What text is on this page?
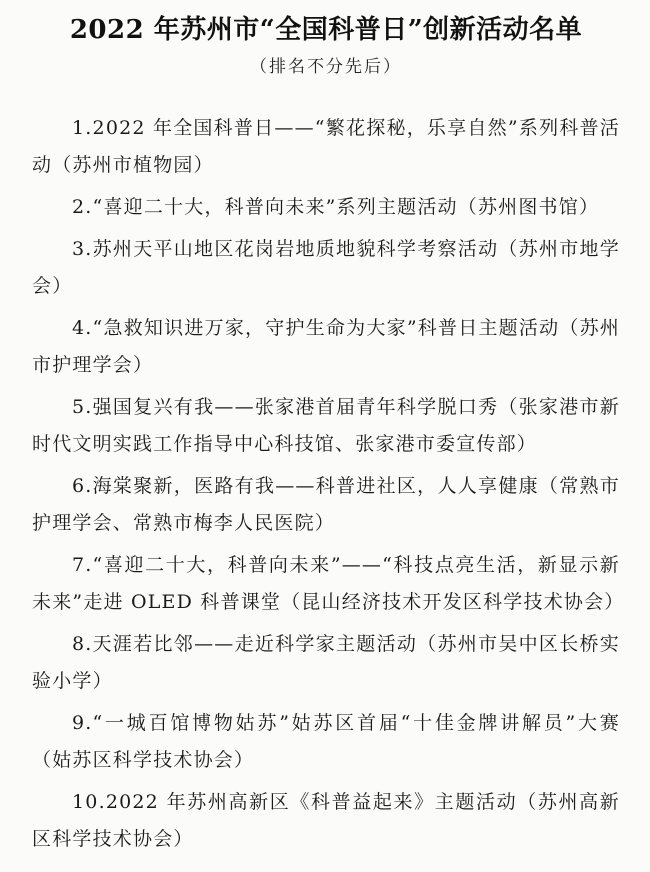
2022 年苏州市“全国科普日”创新活动名单
（排名不分先后）
1.2022 年全国科普日——“繁花探秘，乐享自然”系列科普活动（苏州市植物园）
2.“喜迎二十大，科普向未来”系列主题活动（苏州图书馆）
3.苏州天平山地区花岗岩地质地貌科学考察活动（苏州市地学会）
4.“急救知识进万家，守护生命为大家”科普日主题活动（苏州市护理学会）
5.强国复兴有我——张家港首届青年科学脱口秀（张家港市新时代文明实践工作指导中心科技馆、张家港市委宣传部）
6.海棠聚新，医路有我——科普进社区，人人享健康（常熟市护理学会、常熟市梅李人民医院）
7.“喜迎二十大，科普向未来”——“科技点亮生活，新显示新未来”走进 OLED 科普课堂（昆山经济技术开发区科学技术协会）
8.天涯若比邻——走近科学家主题活动（苏州市吴中区长桥实验小学）
9.“一城百馆博物姑苏”姑苏区首届“十佳金牌讲解员”大赛（姑苏区科学技术协会）
10.2022 年苏州高新区《科普益起来》主题活动（苏州高新区科学技术协会）
